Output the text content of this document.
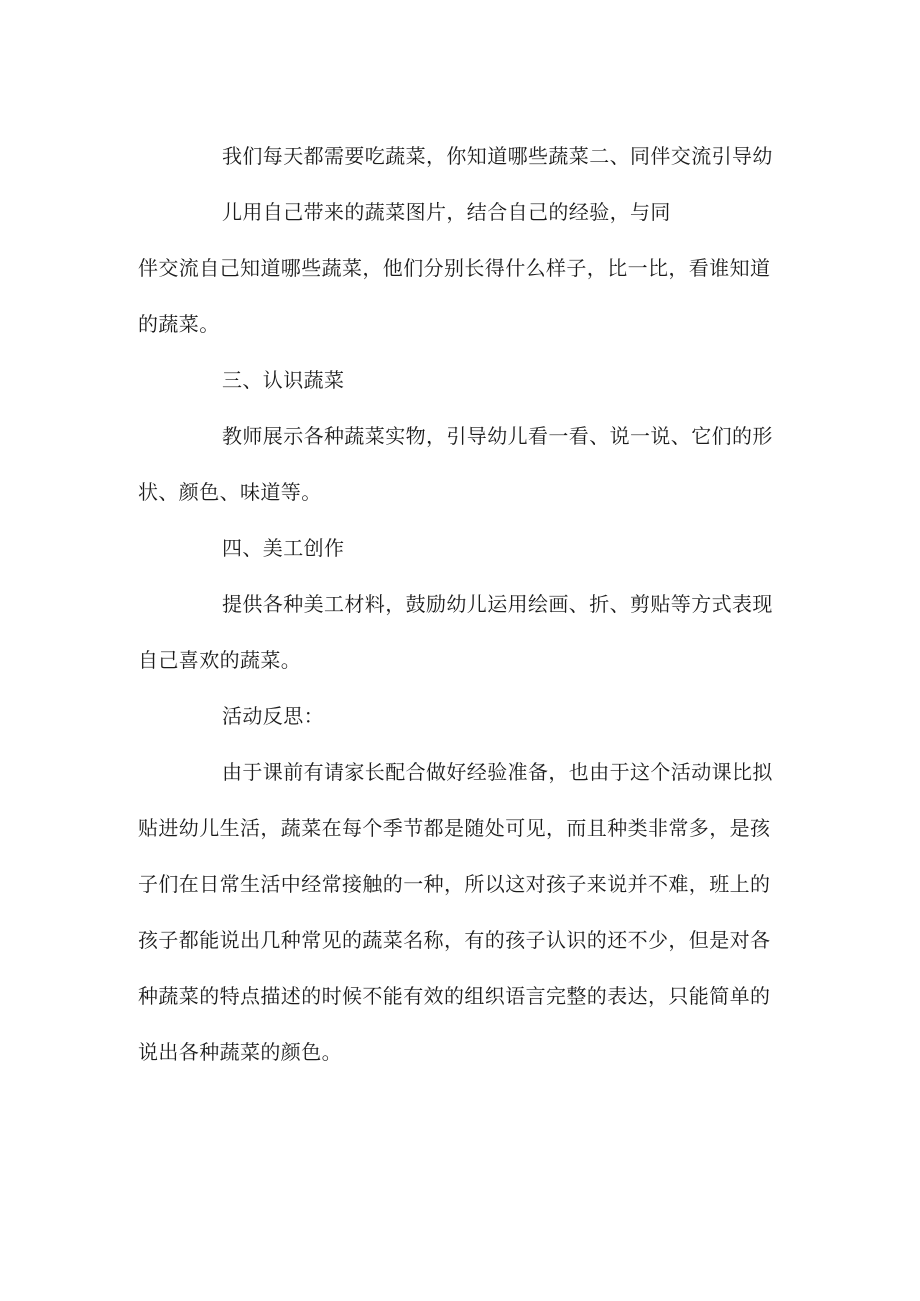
我们每天都需要吃蔬菜，你知道哪些蔬菜二、同伴交流引导幼
儿用自己带来的蔬菜图片，结合自己的经验，与同
伴交流自己知道哪些蔬菜，他们分别长得什么样子，比一比，看谁知道
的蔬菜。
三、认识蔬菜
教师展示各种蔬菜实物，引导幼儿看一看、说一说、它们的形
状、颜色、味道等。
四、美工创作
提供各种美工材料，鼓励幼儿运用绘画、折、剪贴等方式表现
自己喜欢的蔬菜。
活动反思：
由于课前有请家长配合做好经验准备，也由于这个活动课比拟
贴进幼儿生活，蔬菜在每个季节都是随处可见，而且种类非常多，是孩
子们在日常生活中经常接触的一种，所以这对孩子来说并不难，班上的
孩子都能说出几种常见的蔬菜名称，有的孩子认识的还不少，但是对各
种蔬菜的特点描述的时候不能有效的组织语言完整的表达，只能简单的
说出各种蔬菜的颜色。
